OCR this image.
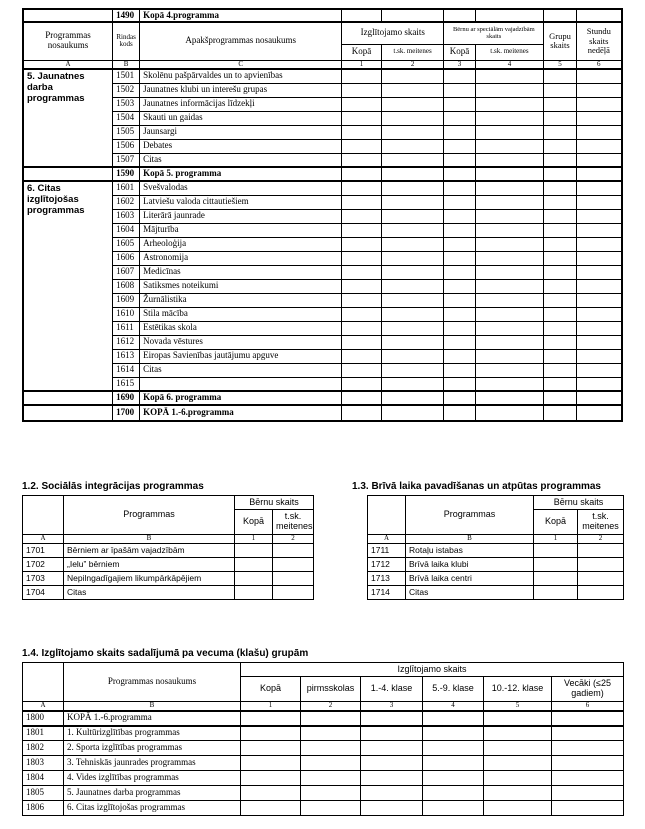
	1490	Kopā 4.programma						
Programmas nosaukums	Rindas kods	Apakšprogrammas nosaukums	Izglītojamo skaits		Bērnu ar speciālām vajadzībām skaits		Grupu skaits	Stundu skaits nedēļā
			Kopā	t.sk. meitenes	Kopā	t.sk. meitenes		
A	B	C	1	2	3	4	5	6
5. Jaunatnes darba programmas	1501	Skolēnu pašpārvaldes un to apvienības						
	1502	Jaunatnes klubi un interešu grupas						
	1503	Jaunatnes informācijas līdzekļi						
	1504	Skauti un gaidas						
	1505	Jaunsargi						
	1506	Debates						
	1507	Citas						
	1590	Kopā 5. programma						
6. Citas izglītojošas programmas	1601	Svešvalodas						
	1602	Latviešu valoda cittautiešiem						
	1603	Literārā jaunrade						
	1604	Mājturība						
	1605	Arheoloģija						
	1606	Astronomija						
	1607	Medicīnas						
	1608	Satiksmes noteikumi						
	1609	Žurnālistika						
	1610	Stila mācība						
	1611	Estētikas skola						
	1612	Novada vēstures						
	1613	Eiropas Savienības jautājumu apguve						
	1614	Citas						
	1615							
	1690	Kopā 6. programma						
	1700	KOPĀ 1.-6.programma						
1.2. Sociālās integrācijas programmas
	Programmas	Bērnu skaits	
		Kopā	t.sk. meitenes
A	B	1	2
1701	Bērniem ar īpašām vajadzībām		
1702	„Ielu” bērniem		
1703	Nepilngadīgajiem likumpārkāpējiem		
1704	Citas		
1.3. Brīvā laika pavadīšanas un atpūtas programmas
	Programmas	Bērnu skaits	
		Kopā	t.sk. meitenes
A	B	1	2
1711	Rotaļu istabas		
1712	Brīvā laika klubi		
1713	Brīvā laika centri		
1714	Citas		
1.4. Izglītojamo skaits sadalījumā pa vecuma (klašu) grupām
	Programmas nosaukums	Izglītojamo skaits					
		Kopā	pirmsskolas	1.-4. klase	5.-9. klase	10.-12. klase	Vecāki (≤25 gadiem)
A	B	1	2	3	4	5	6
1800	KOPĀ 1.-6.programma						
1801	1. Kultūrizglītības programmas						
1802	2. Sporta izglītības programmas						
1803	3. Tehniskās jaunrades programmas						
1804	4. Vides izglītības programmas						
1805	5. Jaunatnes darba programmas						
1806	6. Citas izglītojošas programmas						
